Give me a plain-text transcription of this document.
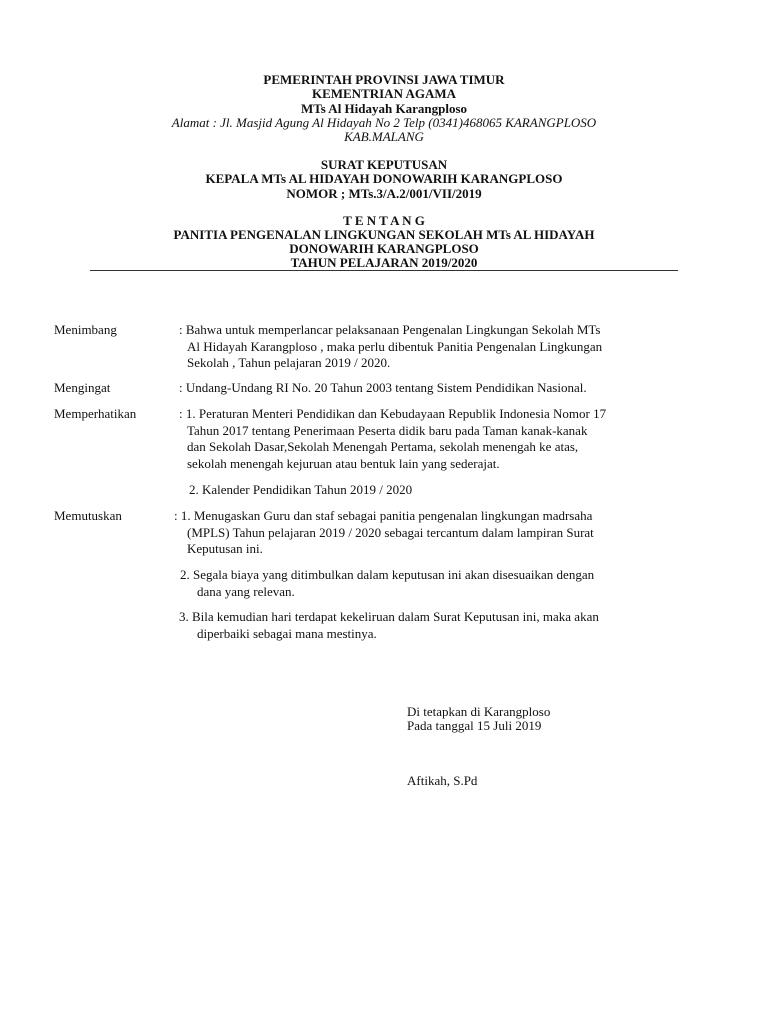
PEMERINTAH PROVINSI JAWA TIMUR
KEMENTRIAN AGAMA
MTs Al Hidayah Karangploso
Alamat : Jl. Masjid Agung Al Hidayah No 2 Telp (0341)468065 KARANGPLOSO
KAB.MALANG
SURAT KEPUTUSAN
KEPALA MTs AL HIDAYAH DONOWARIH KARANGPLOSO
NOMOR ; MTs.3/A.2/001/VII/2019
T E N T A N G
PANITIA PENGENALAN LINGKUNGAN SEKOLAH MTs AL HIDAYAH
DONOWARIH KARANGPLOSO
TAHUN PELAJARAN 2019/2020
Menimbang	: Bahwa untuk memperlancar pelaksanaan Pengenalan Lingkungan Sekolah MTs
Al Hidayah Karangploso , maka perlu dibentuk Panitia Pengenalan Lingkungan
Sekolah , Tahun pelajaran 2019 / 2020.
Mengingat	: Undang-Undang RI No. 20 Tahun 2003 tentang Sistem Pendidikan Nasional.
Memperhatikan	: 1. Peraturan Menteri Pendidikan dan Kebudayaan Republik Indonesia Nomor 17
Tahun 2017 tentang Penerimaan Peserta didik baru pada Taman kanak-kanak
dan Sekolah Dasar,Sekolah Menengah Pertama, sekolah menengah ke atas,
sekolah menengah kejuruan atau bentuk lain yang sederajat.
2. Kalender Pendidikan Tahun 2019 / 2020
Memutuskan	: 1. Menugaskan Guru dan staf sebagai panitia pengenalan lingkungan madrsaha
(MPLS) Tahun pelajaran 2019 / 2020 sebagai tercantum dalam lampiran Surat
Keputusan ini.
2. Segala biaya yang ditimbulkan dalam keputusan ini akan disesuaikan dengan
dana yang relevan.
3. Bila kemudian hari terdapat kekeliruan dalam Surat Keputusan ini, maka akan
diperbaiki sebagai mana mestinya.
Di tetapkan di Karangploso
Pada tanggal 15 Juli 2019
Aftikah, S.Pd
